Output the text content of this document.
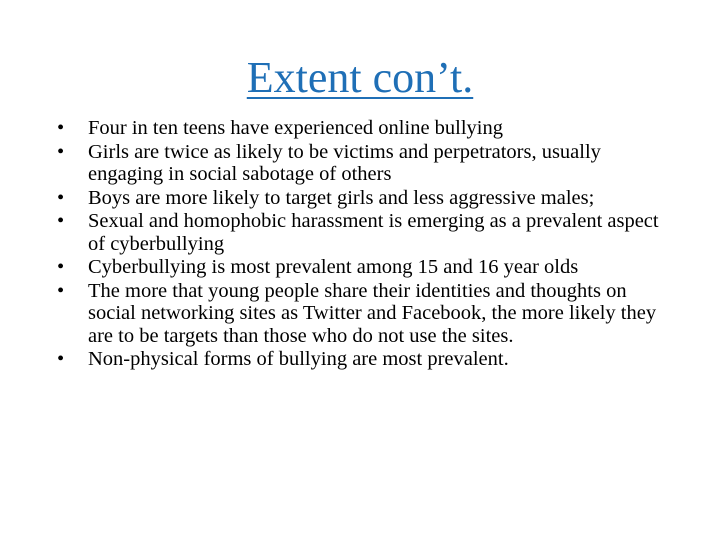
Extent con’t.
•	Four in ten teens have experienced online bullying
•	Girls are twice as likely to be victims and perpetrators, usually engaging in social sabotage of others
•	Boys are more likely to target girls and less aggressive males;
•	Sexual and homophobic harassment is emerging as a prevalent aspect of cyberbullying
•	Cyberbullying is most prevalent among 15 and 16 year olds
•	The more that young people share their identities and thoughts on social networking sites as Twitter and Facebook, the more likely they are to be targets than those who do not use the sites.
•	Non-physical forms of bullying are most prevalent.
